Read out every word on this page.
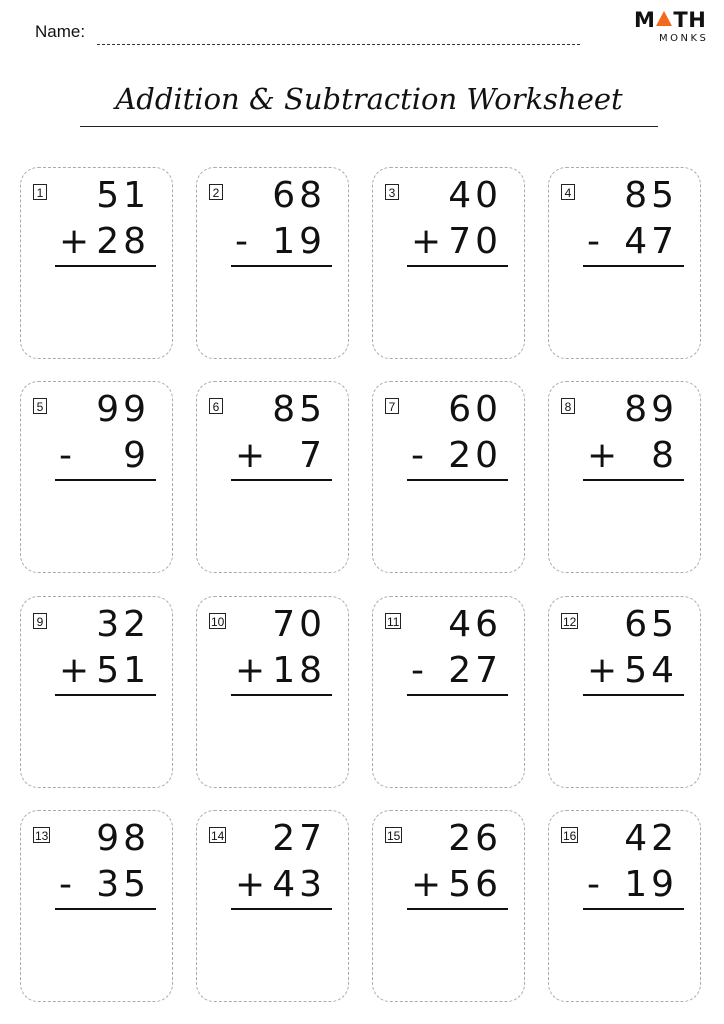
Name:	M TH
MONKS
Addition & Subtraction Worksheet
1 51
+ 28
2 68
- 19
3 40
+ 70
4 85
- 47
5 99
- 9
6 85
+ 7
7 60
- 20
8 89
+ 8
9 32
+ 51
10 70
+ 18
11 46
- 27
12 65
+ 54
13 98
- 35
14 27
+ 43
15 26
+ 56
16 42
- 19
